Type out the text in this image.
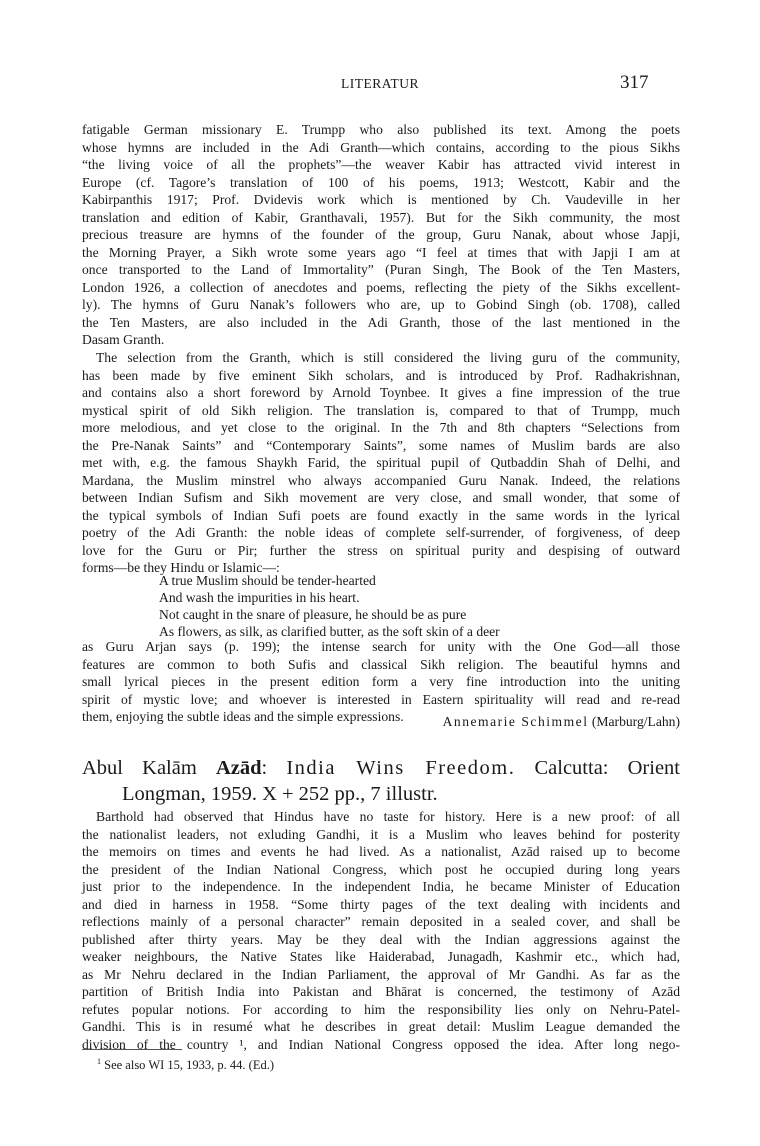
LITERATUR	317
fatigable German missionary E. Trumpp who also published its text. Among the poets
whose hymns are included in the Adi Granth—which contains, according to the pious Sikhs
“the living voice of all the prophets”—the weaver Kabir has attracted vivid interest in
Europe (cf. Tagore’s translation of 100 of his poems, 1913; Westcott, Kabir and the
Kabirpanthis 1917; Prof. Dvidevis work which is mentioned by Ch. Vaudeville in her
translation and edition of Kabir, Granthavali, 1957). But for the Sikh community, the most
precious treasure are hymns of the founder of the group, Guru Nanak, about whose Japji,
the Morning Prayer, a Sikh wrote some years ago “I feel at times that with Japji I am at
once transported to the Land of Immortality” (Puran Singh, The Book of the Ten Masters,
London 1926, a collection of anecdotes and poems, reflecting the piety of the Sikhs excellent-
ly). The hymns of Guru Nanak’s followers who are, up to Gobind Singh (ob. 1708), called
the Ten Masters, are also included in the Adi Granth, those of the last mentioned in the
Dasam Granth.
The selection from the Granth, which is still considered the living guru of the community,
has been made by five eminent Sikh scholars, and is introduced by Prof. Radhakrishnan,
and contains also a short foreword by Arnold Toynbee. It gives a fine impression of the true
mystical spirit of old Sikh religion. The translation is, compared to that of Trumpp, much
more melodious, and yet close to the original. In the 7th and 8th chapters “Selections from
the Pre-Nanak Saints” and “Contemporary Saints”, some names of Muslim bards are also
met with, e.g. the famous Shaykh Farid, the spiritual pupil of Qutbaddin Shah of Delhi, and
Mardana, the Muslim minstrel who always accompanied Guru Nanak. Indeed, the relations
between Indian Sufism and Sikh movement are very close, and small wonder, that some of
the typical symbols of Indian Sufi poets are found exactly in the same words in the lyrical
poetry of the Adi Granth: the noble ideas of complete self-surrender, of forgiveness, of deep
love for the Guru or Pir; further the stress on spiritual purity and despising of outward
forms—be they Hindu or Islamic—:
A true Muslim should be tender-hearted
And wash the impurities in his heart.
Not caught in the snare of pleasure, he should be as pure
As flowers, as silk, as clarified butter, as the soft skin of a deer
as Guru Arjan says (p. 199); the intense search for unity with the One God—all those
features are common to both Sufis and classical Sikh religion. The beautiful hymns and
small lyrical pieces in the present edition form a very fine introduction into the uniting
spirit of mystic love; and whoever is interested in Eastern spirituality will read and re-read
them, enjoying the subtle ideas and the simple expressions.	Annemarie Schimmel (Marburg/Lahn)
Abul Kalām Azād: India Wins Freedom. Calcutta: Orient
Longman, 1959. X + 252 pp., 7 illustr.
Barthold had observed that Hindus have no taste for history. Here is a new proof: of all
the nationalist leaders, not exluding Gandhi, it is a Muslim who leaves behind for posterity
the memoirs on times and events he had lived. As a nationalist, Azād raised up to become
the president of the Indian National Congress, which post he occupied during long years
just prior to the independence. In the independent India, he became Minister of Education
and died in harness in 1958. “Some thirty pages of the text dealing with incidents and
reflections mainly of a personal character” remain deposited in a sealed cover, and shall be
published after thirty years. May be they deal with the Indian aggressions against the
weaker neighbours, the Native States like Haiderabad, Junagadh, Kashmir etc., which had,
as Mr Nehru declared in the Indian Parliament, the approval of Mr Gandhi. As far as the
partition of British India into Pakistan and Bhārat is concerned, the testimony of Azād
refutes popular notions. For according to him the responsibility lies only on Nehru-Patel-
Gandhi. This is in resumé what he describes in great detail: Muslim League demanded the
division of the country ¹, and Indian National Congress opposed the idea. After long nego-
$^1$ See also WI 15, 1933, p. 44. (Ed.)
